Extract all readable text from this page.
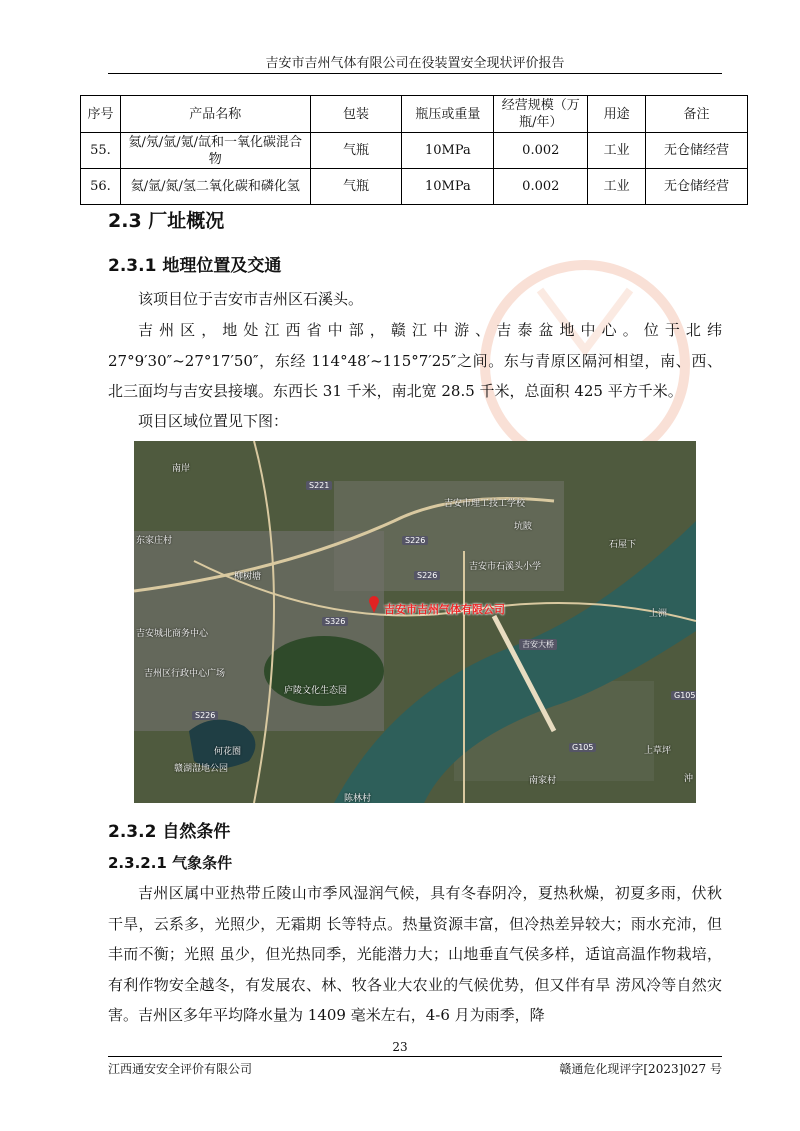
吉安市吉州气体有限公司在役装置安全现状评价报告
序号	产品名称	包装	瓶压或重量	经营规模（万瓶/年）	用途	备注
55.	氦/氖/氩/氪/氙和一氧化碳混合物	气瓶	10MPa	0.002	工业	无仓储经营
56.	氦/氩/氮/氢二氧化碳和磷化氢	气瓶	10MPa	0.002	工业	无仓储经营
2.3 厂址概况
2.3.1 地理位置及交通
该项目位于吉安市吉州区石溪头。
吉州区，地处江西省中部，赣江中游、吉泰盆地中心。位于北纬 27°9′30″~27°17′50″，东经 114°48′~115°7′25″之间。东与青原区隔河相望，南、西、北三面均与吉安县接壤。东西长 31 千米，南北宽 28.5 千米，总面积 425 平方千米。
项目区域位置见下图：
吉安市吉州气体有限公司
南岸
东家庄村
柳树塘
吉安市理工技工学校
坑陂
石屋下
吉安市石溪头小学
吉安城北商务中心
上洲
吉州区行政中心广场
庐陵文化生态园
上草坪
何花圈
赣湖湿地公园
南家村
陈林村
沖
S221
G105
S226
S326
G105
S226
S226
吉安大桥
2.3.2 自然条件
2.3.2.1 气象条件
吉州区属中亚热带丘陵山市季风湿润气候，具有冬春阴冷，夏热秋燥，初夏多雨，伏秋干旱，云系多，光照少，无霜期 长等特点。热量资源丰富，但冷热差异较大；雨水充沛，但丰而不衡；光照 虽少，但光热同季，光能潜力大；山地垂直气侯多样，适谊高温作物栽培，有利作物安全越冬，有发展农、林、牧各业大农业的气候优势，但又伴有旱 涝风冷等自然灾害。吉州区多年平均降水量为 1409 毫米左右，4-6 月为雨季，降
23
江西通安安全评价有限公司	赣通危化现评字[2023]027 号
